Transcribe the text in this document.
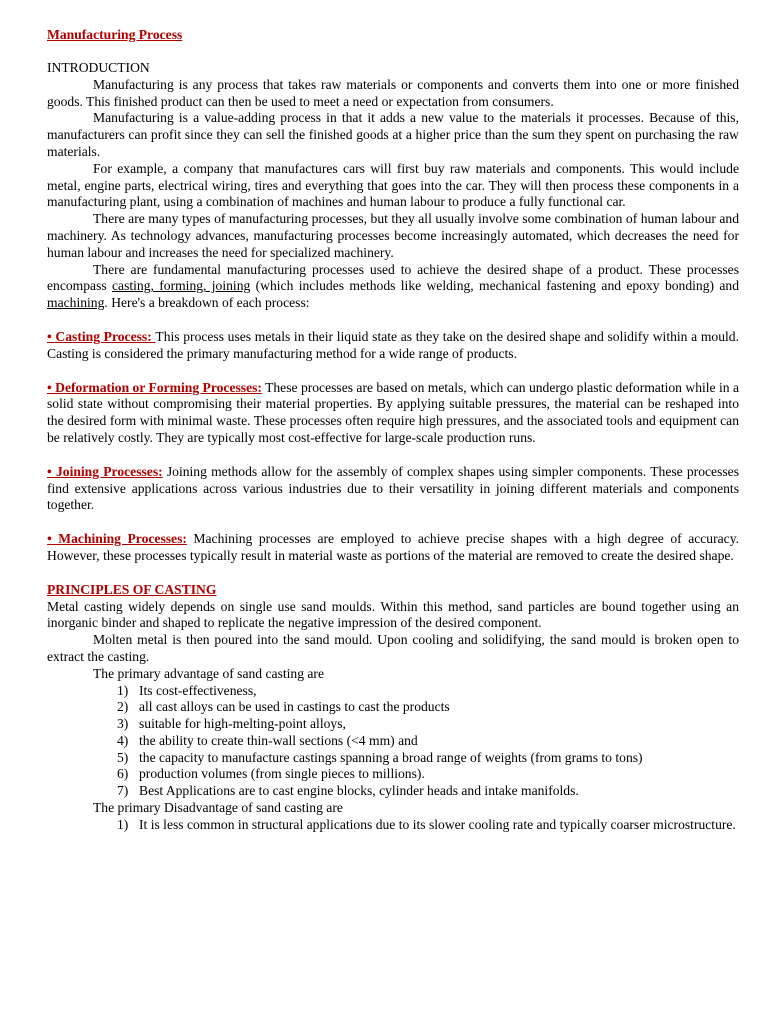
Manufacturing Process

INTRODUCTION

Manufacturing is any process that takes raw materials or components and converts them into one or more finished goods. This finished product can then be used to meet a need or expectation from consumers.

Manufacturing is a value-adding process in that it adds a new value to the materials it processes. Because of this, manufacturers can profit since they can sell the finished goods at a higher price than the sum they spent on purchasing the raw materials.

For example, a company that manufactures cars will first buy raw materials and components. This would include metal, engine parts, electrical wiring, tires and everything that goes into the car. They will then process these components in a manufacturing plant, using a combination of machines and human labour to produce a fully functional car.

There are many types of manufacturing processes, but they all usually involve some combination of human labour and machinery. As technology advances, manufacturing processes become increasingly automated, which decreases the need for human labour and increases the need for specialized machinery.

There are fundamental manufacturing processes used to achieve the desired shape of a product. These processes encompass casting, forming, joining (which includes methods like welding, mechanical fastening and epoxy bonding) and machining. Here's a breakdown of each process:

• Casting Process: This process uses metals in their liquid state as they take on the desired shape and solidify within a mould. Casting is considered the primary manufacturing method for a wide range of products.

• Deformation or Forming Processes: These processes are based on metals, which can undergo plastic deformation while in a solid state without compromising their material properties. By applying suitable pressures, the material can be reshaped into the desired form with minimal waste. These processes often require high pressures, and the associated tools and equipment can be relatively costly. They are typically most cost-effective for large-scale production runs.

• Joining Processes: Joining methods allow for the assembly of complex shapes using simpler components. These processes find extensive applications across various industries due to their versatility in joining different materials and components together.

• Machining Processes: Machining processes are employed to achieve precise shapes with a high degree of accuracy. However, these processes typically result in material waste as portions of the material are removed to create the desired shape.

PRINCIPLES OF CASTING

Metal casting widely depends on single use sand moulds. Within this method, sand particles are bound together using an inorganic binder and shaped to replicate the negative impression of the desired component.

Molten metal is then poured into the sand mould. Upon cooling and solidifying, the sand mould is broken open to extract the casting.

The primary advantage of sand casting are

1) Its cost-effectiveness,
2) all cast alloys can be used in castings to cast the products
3) suitable for high-melting-point alloys,
4) the ability to create thin-wall sections (<4 mm) and
5) the capacity to manufacture castings spanning a broad range of weights (from grams to tons)
6) production volumes (from single pieces to millions).
7) Best Applications are to cast engine blocks, cylinder heads and intake manifolds.

The primary Disadvantage of sand casting are

1) It is less common in structural applications due to its slower cooling rate and typically coarser microstructure.
